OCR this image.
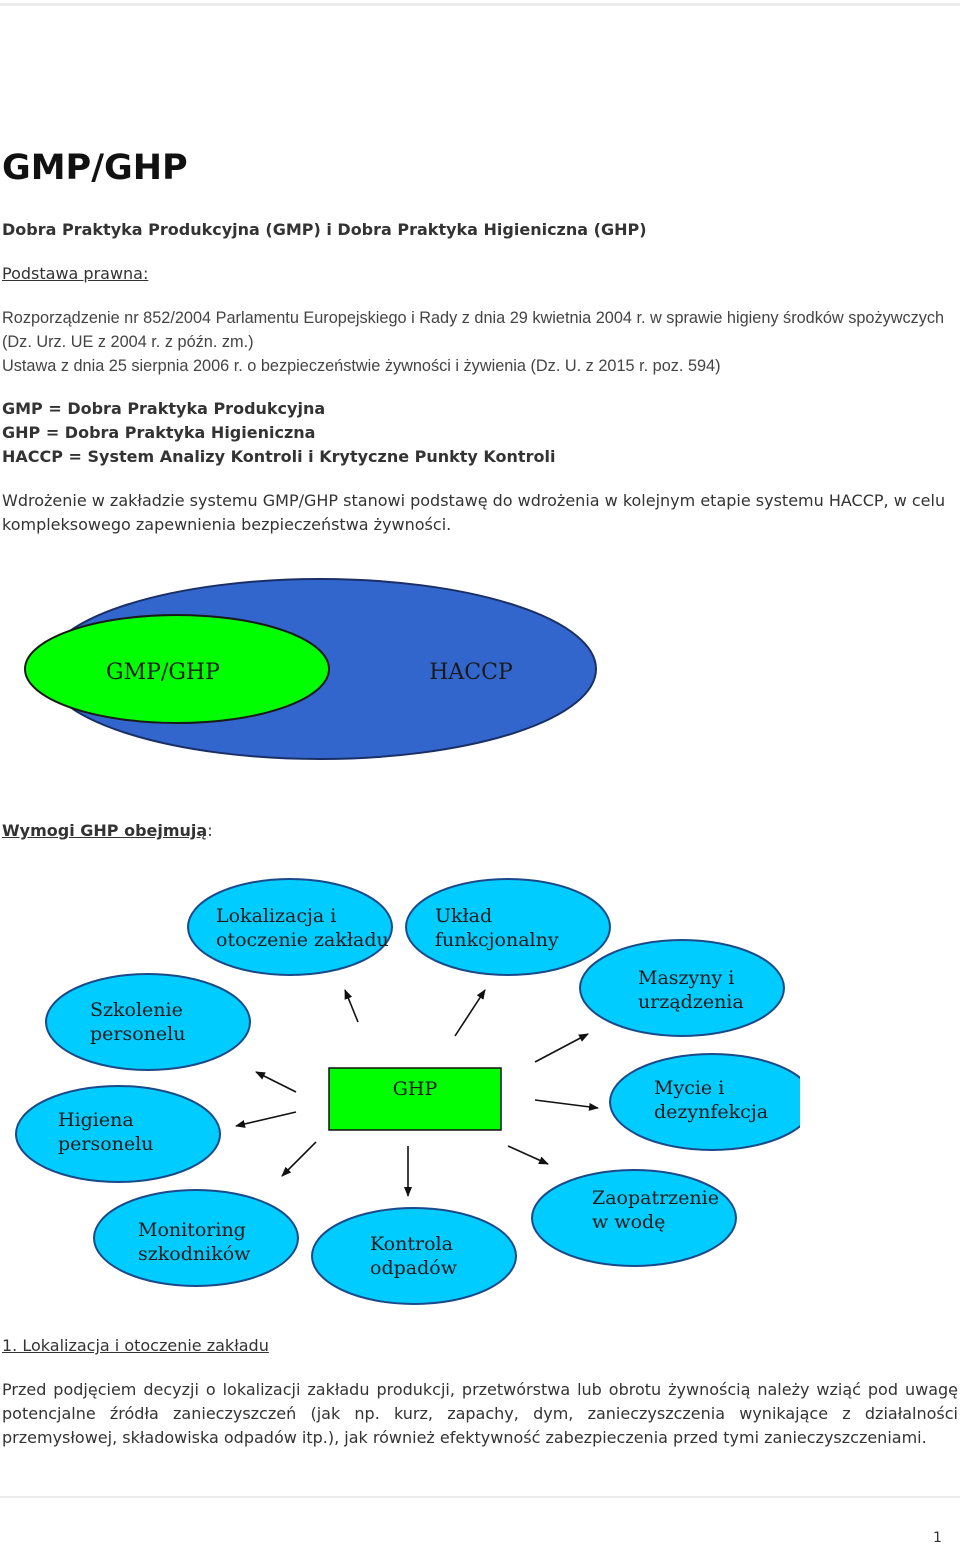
GMP/GHP

Dobra Praktyka Produkcyjna (GMP) i Dobra Praktyka Higieniczna (GHP)

Podstawa prawna:

Rozporządzenie nr 852/2004 Parlamentu Europejskiego i Rady z dnia 29 kwietnia 2004 r. w sprawie higieny środków spożywczych (Dz. Urz. UE z 2004 r. z późn. zm.)

Ustawa z dnia 25 sierpnia 2006 r. o bezpieczeństwie żywności i żywienia (Dz. U. z 2015 r. poz. 594)

GMP = Dobra Praktyka Produkcyjna
GHP = Dobra Praktyka Higieniczna
HACCP = System Analizy Kontroli i Krytyczne Punkty Kontroli

Wdrożenie w zakładzie systemu GMP/GHP stanowi podstawę do wdrożenia w kolejnym etapie systemu HACCP, w celu kompleksowego zapewnienia bezpieczeństwa żywności.

GMP/GHP	HACCP

Wymogi GHP obejmują:

GHP
Lokalizacja i
otoczenie zakładu
Układ
funkcjonalny
Maszyny i
urządzenia
Szkolenie
personelu
Mycie i
dezynfekcja
Higiena
personelu
Zaopatrzenie
w wodę
Monitoring
szkodników	Kontrola
odpadów

1. Lokalizacja i otoczenie zakładu

Przed podjęciem decyzji o lokalizacji zakładu produkcji, przetwórstwa lub obrotu żywnością należy wziąć pod uwagę potencjalne źródła zanieczyszczeń (jak np. kurz, zapachy, dym, zanieczyszczenia wynikające z działalności przemysłowej, składowiska odpadów itp.), jak również efektywność zabezpieczenia przed tymi zanieczyszczeniami.

1
